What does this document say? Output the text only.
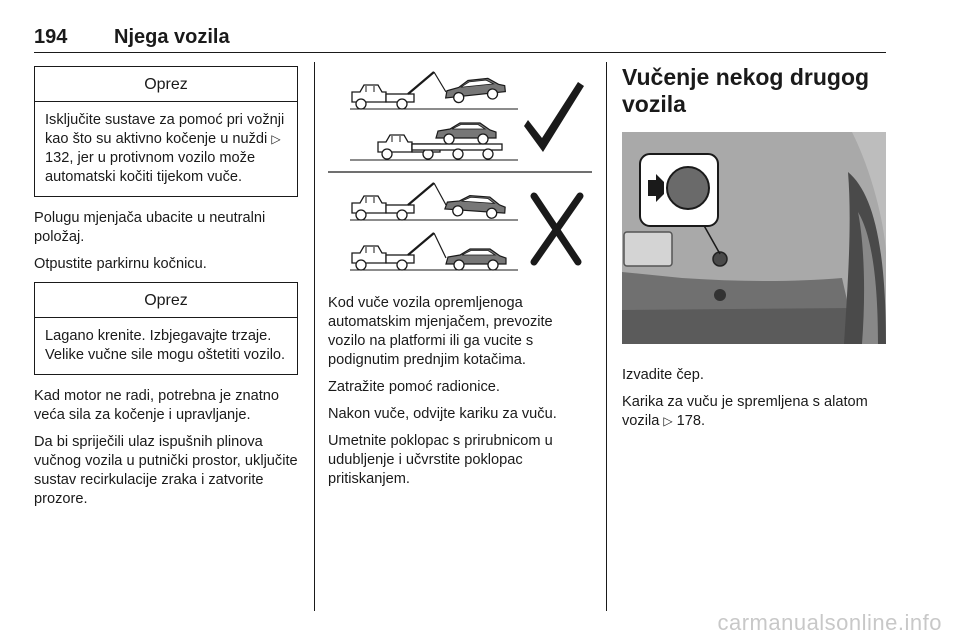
194 Njega vozila
Oprez
Isključite sustave za pomoć pri vožnji kao što su aktivno kočenje u nuždi ▷ 132, jer u protivnom vozilo može automatski kočiti tijekom vuče.

Polugu mjenjača ubacite u neutralni položaj.

Otpustite parkirnu kočnicu.

Oprez
Lagano krenite. Izbjegavajte trzaje. Velike vučne sile mogu oštetiti vozilo.

Kad motor ne radi, potrebna je znatno veća sila za kočenje i upravljanje.

Da bi spriječili ulaz ispušnih plinova vučnog vozila u putnički prostor, uključite sustav recirkulacije zraka i zatvorite prozore.

Kod vuče vozila opremljenoga automatskim mjenjačem, prevozite vozilo na platformi ili ga vucite s podignutim prednjim kotačima.

Zatražite pomoć radionice.

Nakon vuče, odvijte kariku za vuču.

Umetnite poklopac s prirubnicom u udubljenje i učvrstite poklopac pritiskanjem.

Vučenje nekog drugog vozila

Izvadite čep.

Karika za vuču je spremljena s alatom vozila ▷ 178.

carmanualsonline.info
